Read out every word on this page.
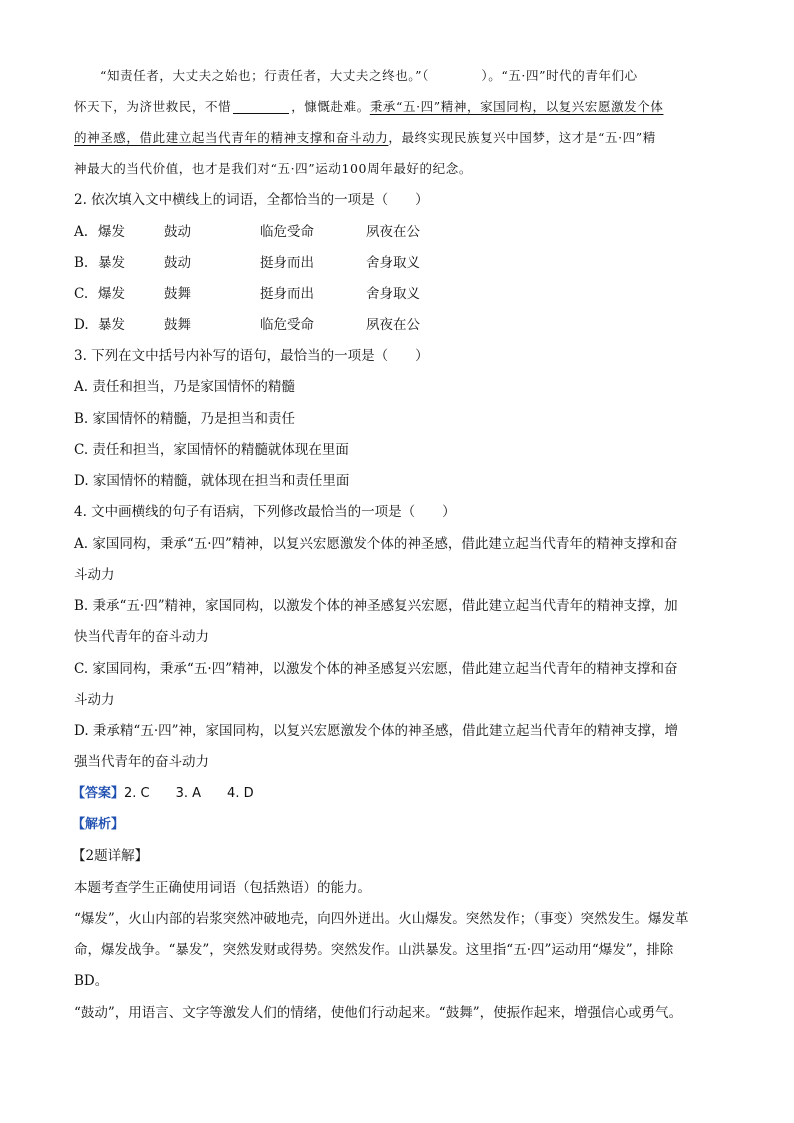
“知责任者，大丈夫之始也；行责任者，大丈夫之终也。”（　　　　）。“五·四”时代的青年们心
怀天下，为济世救民，不惜	，慷慨赴难。秉承“五·四”精神，家国同构，以复兴宏愿激发个体
的神圣感，借此建立起当代青年的精神支撑和奋斗动力，最终实现民族复兴中国梦，这才是“五·四”精
神最大的当代价值，也才是我们对“五·四”运动100周年最好的纪念。
2. 依次填入文中横线上的词语，全都恰当的一项是（　　）
A. 爆发	鼓动	临危受命	夙夜在公
B. 暴发	鼓动	挺身而出	舍身取义
C. 爆发	鼓舞	挺身而出	舍身取义
D. 暴发	鼓舞	临危受命	夙夜在公
3. 下列在文中括号内补写的语句，最恰当的一项是（　　）
A. 责任和担当，乃是家国情怀的精髓
B. 家国情怀的精髓，乃是担当和责任
C. 责任和担当，家国情怀的精髓就体现在里面
D. 家国情怀的精髓，就体现在担当和责任里面
4. 文中画横线的句子有语病，下列修改最恰当的一项是（　　）
A. 家国同构，秉承“五·四”精神，以复兴宏愿激发个体的神圣感，借此建立起当代青年的精神支撑和奋
斗动力
B. 秉承“五·四”精神，家国同构，以激发个体的神圣感复兴宏愿，借此建立起当代青年的精神支撑，加
快当代青年的奋斗动力
C. 家国同构，秉承“五·四”精神，以激发个体的神圣感复兴宏愿，借此建立起当代青年的精神支撑和奋
斗动力
D. 秉承精“五·四”神，家国同构，以复兴宏愿激发个体的神圣感，借此建立起当代青年的精神支撑，增
强当代青年的奋斗动力
【答案】2. C　　3. A　　4. D
【解析】
【2题详解】
本题考查学生正确使用词语（包括熟语）的能力。
“爆发”，火山内部的岩浆突然冲破地壳，向四外迸出。火山爆发。突然发作；（事变）突然发生。爆发革
命，爆发战争。“暴发”，突然发财或得势。突然发作。山洪暴发。这里指“五·四”运动用“爆发”，排除
BD。
“鼓动”，用语言、文字等激发人们的情绪，使他们行动起来。“鼓舞”，使振作起来，增强信心或勇气。
